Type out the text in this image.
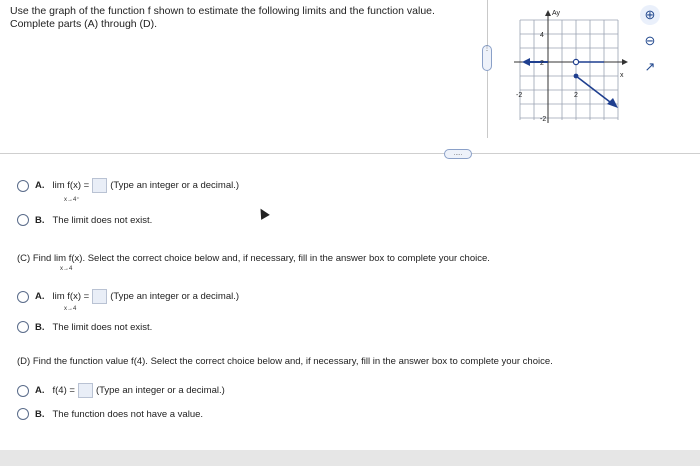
Use the graph of the function f shown to estimate the following limits and the function value.
Complete parts (A) through (D).
⋮
Ay
x
4
2
-2	2
-2
⊕
⊖
↗
.....
A. lim f(x) = (Type an integer or a decimal.)
x→4⁺
B. The limit does not exist.
(C) Find lim f(x). Select the correct choice below and, if necessary, fill in the answer box to complete your choice.
x→4
A. lim f(x) = (Type an integer or a decimal.)
x→4
B. The limit does not exist.
(D) Find the function value f(4). Select the correct choice below and, if necessary, fill in the answer box to complete your choice.
A. f(4) = (Type an integer or a decimal.)
B. The function does not have a value.
